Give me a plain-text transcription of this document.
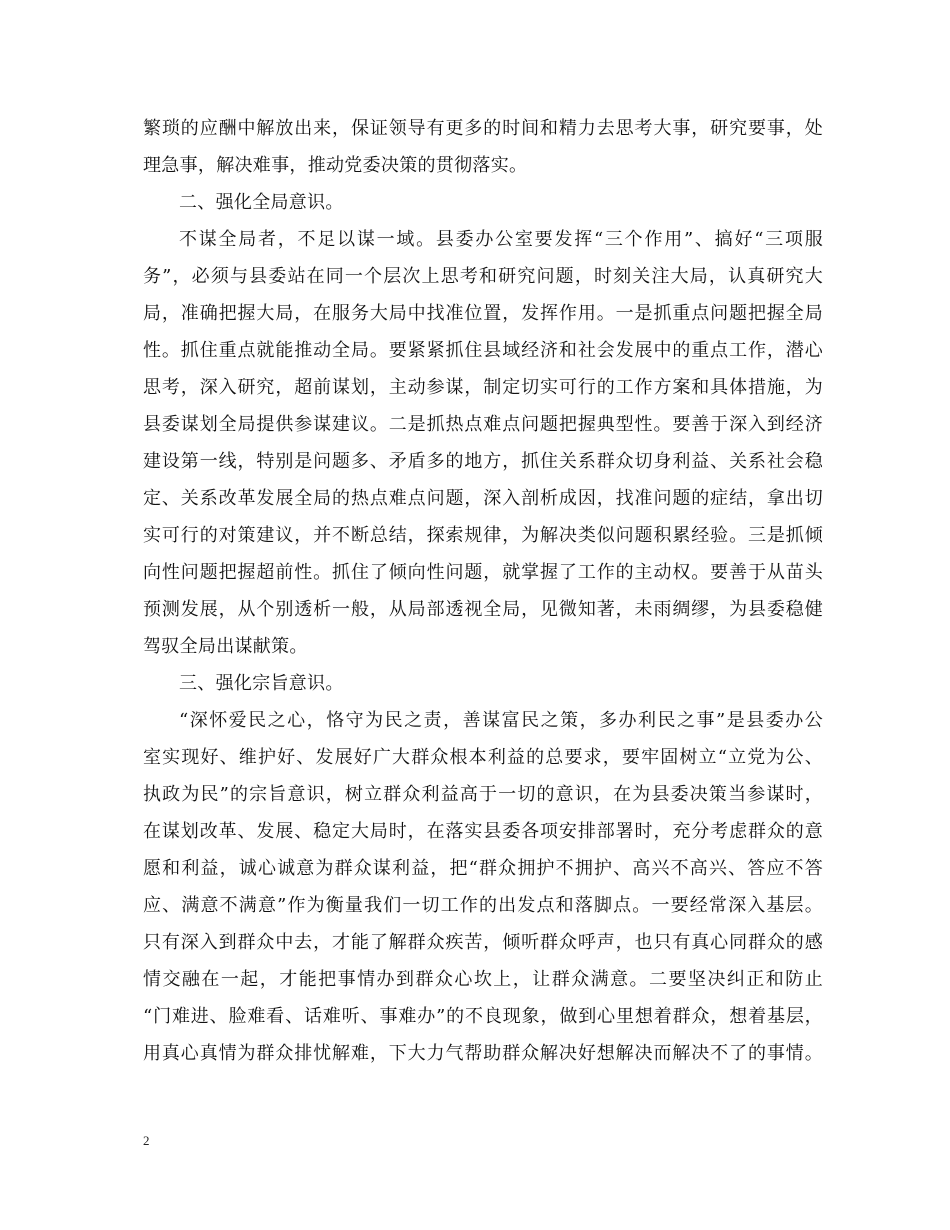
繁琐的应酬中解放出来，保证领导有更多的时间和精力去思考大事，研究要事，处
理急事，解决难事，推动党委决策的贯彻落实。
二、强化全局意识。
不谋全局者，不足以谋一域。县委办公室要发挥“三个作用”、搞好“三项服
务”，必须与县委站在同一个层次上思考和研究问题，时刻关注大局，认真研究大
局，准确把握大局，在服务大局中找准位置，发挥作用。一是抓重点问题把握全局
性。抓住重点就能推动全局。要紧紧抓住县域经济和社会发展中的重点工作，潜心
思考，深入研究，超前谋划，主动参谋，制定切实可行的工作方案和具体措施，为
县委谋划全局提供参谋建议。二是抓热点难点问题把握典型性。要善于深入到经济
建设第一线，特别是问题多、矛盾多的地方，抓住关系群众切身利益、关系社会稳
定、关系改革发展全局的热点难点问题，深入剖析成因，找准问题的症结，拿出切
实可行的对策建议，并不断总结，探索规律，为解决类似问题积累经验。三是抓倾
向性问题把握超前性。抓住了倾向性问题，就掌握了工作的主动权。要善于从苗头
预测发展，从个别透析一般，从局部透视全局，见微知著，未雨绸缪，为县委稳健
驾驭全局出谋献策。
三、强化宗旨意识。
“深怀爱民之心，恪守为民之责，善谋富民之策，多办利民之事”是县委办公
室实现好、维护好、发展好广大群众根本利益的总要求，要牢固树立“立党为公、
执政为民”的宗旨意识，树立群众利益高于一切的意识，在为县委决策当参谋时，
在谋划改革、发展、稳定大局时，在落实县委各项安排部署时，充分考虑群众的意
愿和利益，诚心诚意为群众谋利益，把“群众拥护不拥护、高兴不高兴、答应不答
应、满意不满意”作为衡量我们一切工作的出发点和落脚点。一要经常深入基层。
只有深入到群众中去，才能了解群众疾苦，倾听群众呼声，也只有真心同群众的感
情交融在一起，才能把事情办到群众心坎上，让群众满意。二要坚决纠正和防止
“门难进、脸难看、话难听、事难办”的不良现象，做到心里想着群众，想着基层，
用真心真情为群众排忧解难，下大力气帮助群众解决好想解决而解决不了的事情。
2
